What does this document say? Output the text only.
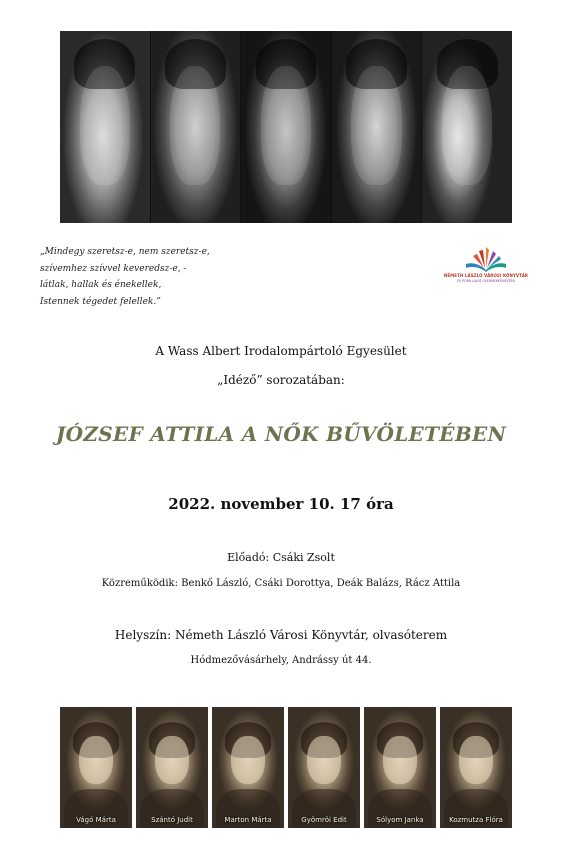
„Mindegy szeretsz-e, nem szeretsz-e,
szívemhez szívvel keveredsz-e, -
látlak, hallak és énekellek,
Istennek tégedet felellek.”
NÉMETH LÁSZLÓ VÁROSI KÖNYVTÁR
ÉS PÓRA LAJOS GYERMEKKÖNYVTÁR
A Wass Albert Irodalompártoló Egyesület
„Idéző” sorozatában:
JÓZSEF ATTILA A NŐK BŰVÖLETÉBEN
2022. november 10. 17 óra
Előadó: Csáki Zsolt
Közreműködik: Benkő László, Csáki Dorottya, Deák Balázs, Rácz Attila
Helyszín: Németh László Városi Könyvtár, olvasóterem
Hódmezővásárhely, Andrássy út 44.
Vágó Márta	Szántó Judit	Marton Márta	Gyömröi Edit	Sólyom Janka	Kozmutza Flóra
